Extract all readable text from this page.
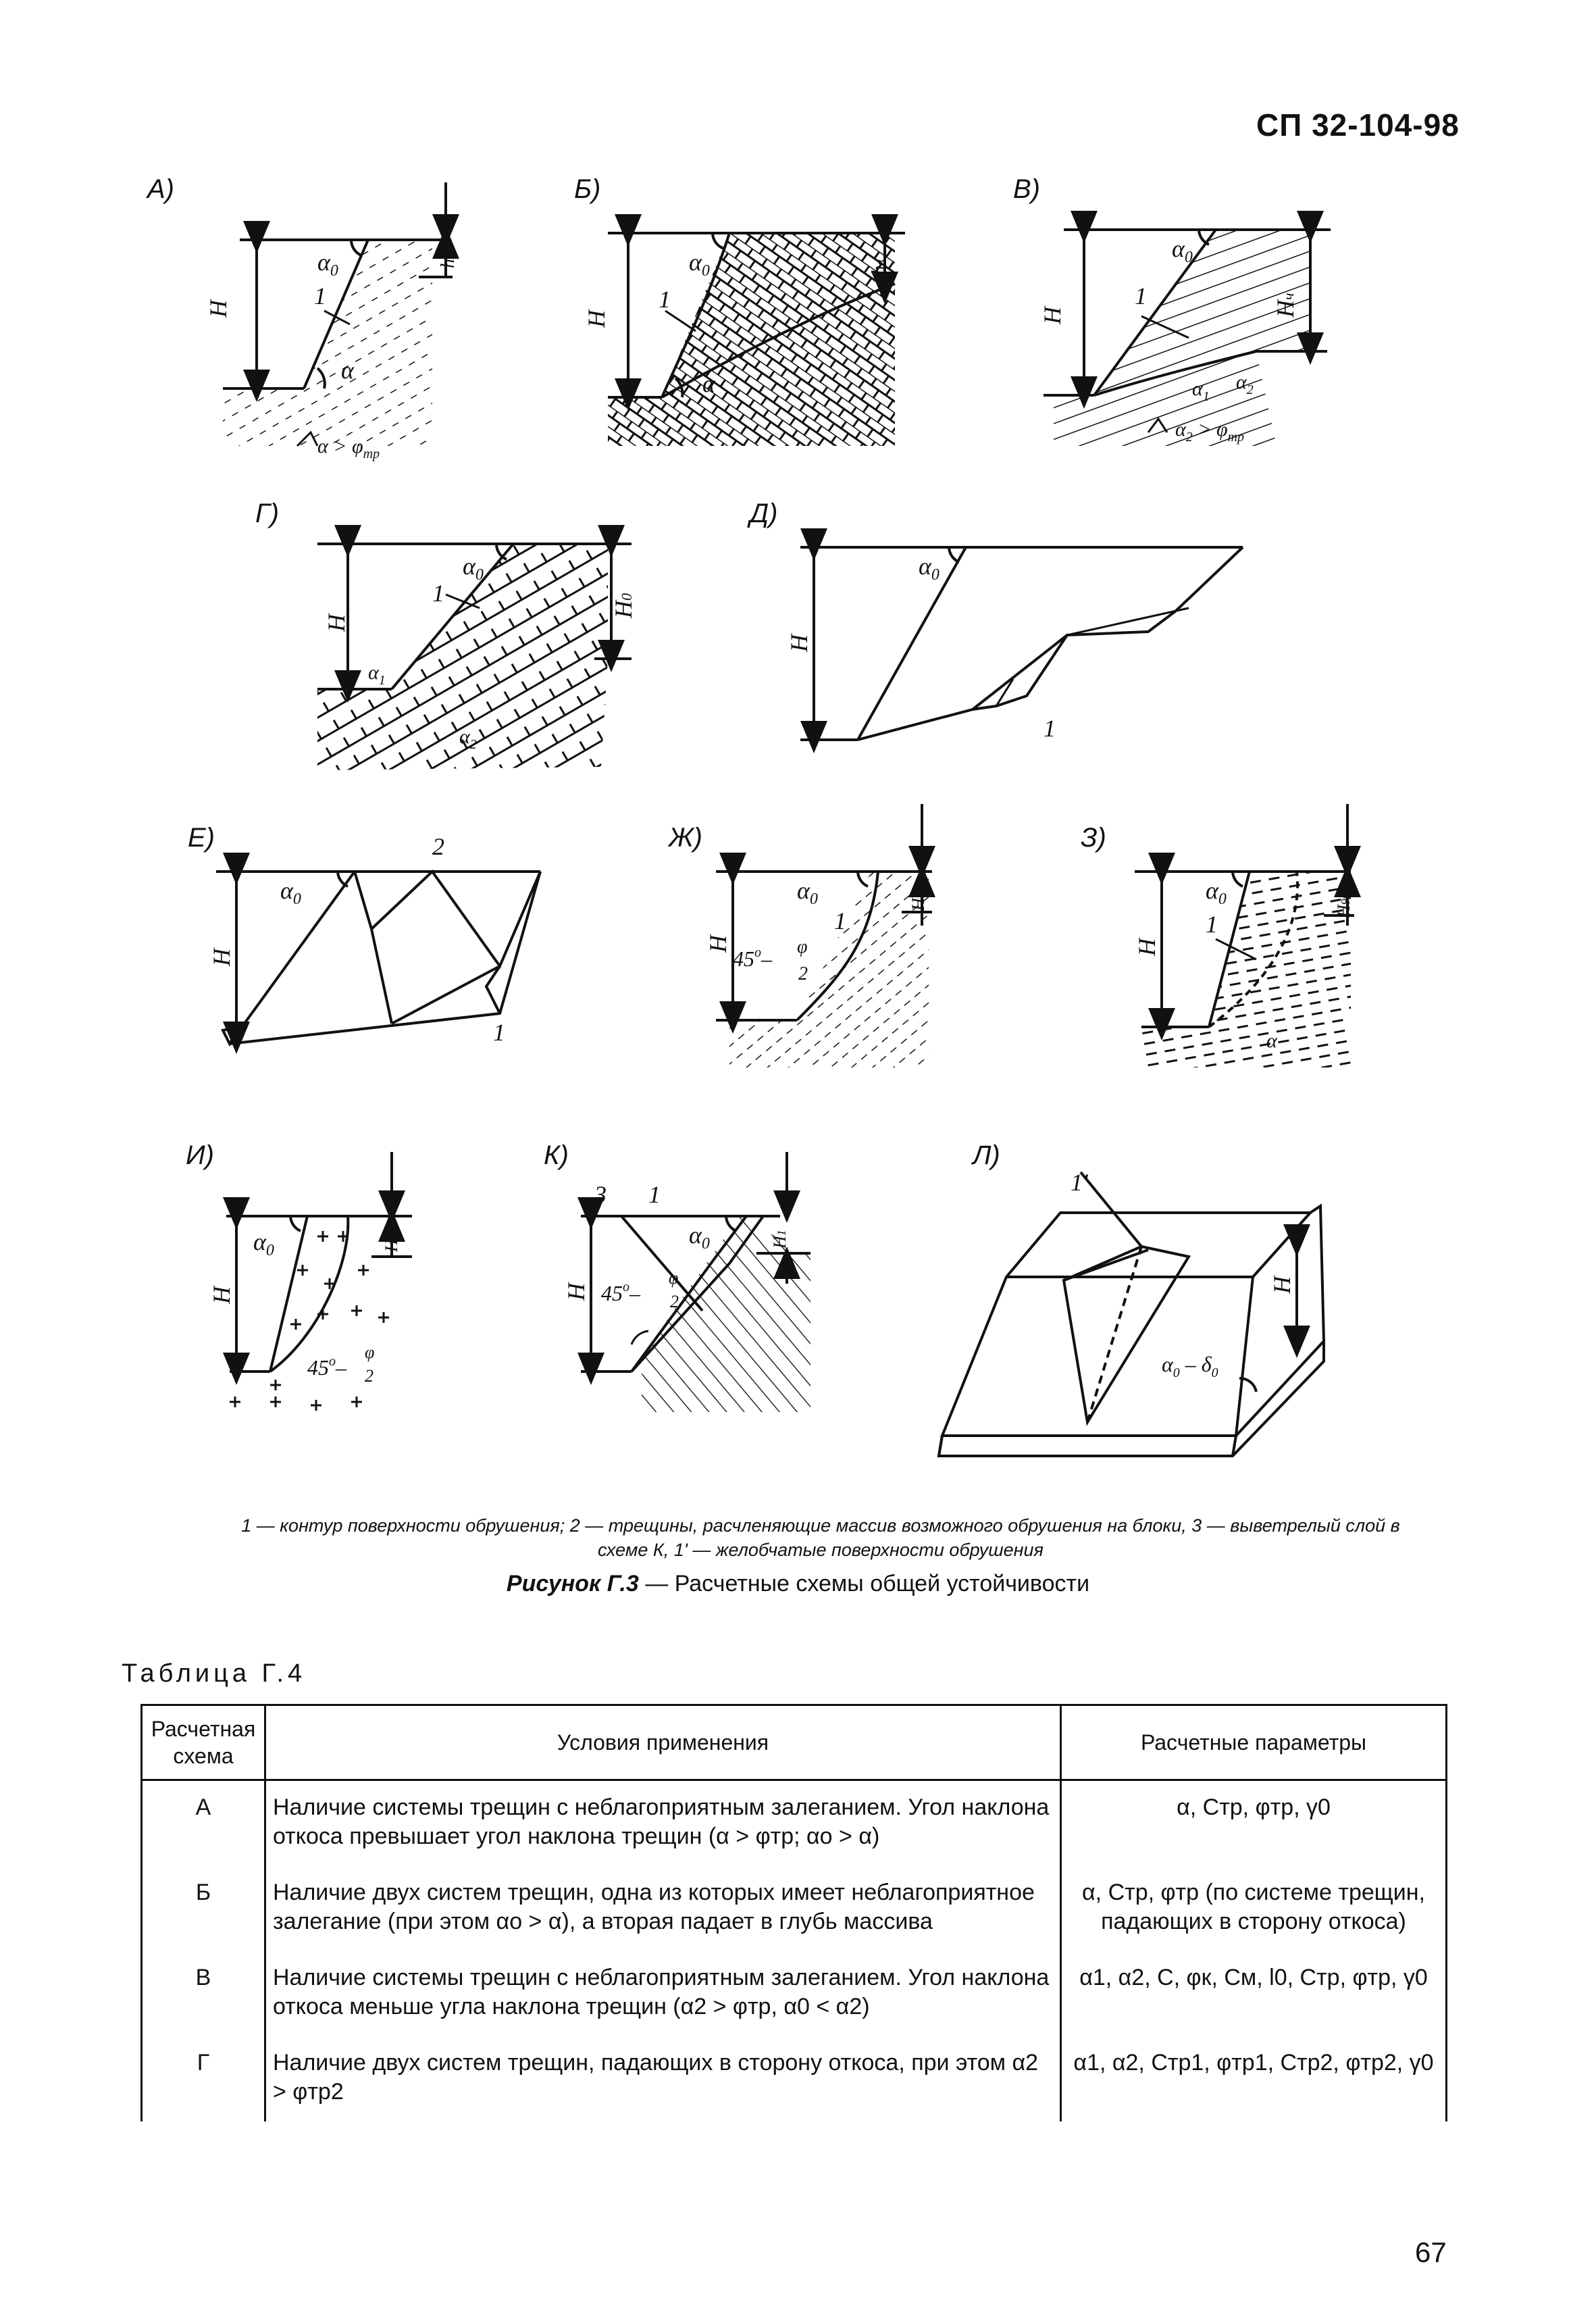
СП 32-104-98
H
$\alpha_0$
1
α
hв
$\alpha > \varphi_{тр}$
H
$\alpha_0$
1
α
hв
H
$\alpha_0$
1	Hч
$\alpha_1$
$\alpha_2$
$\alpha_2 > \varphi_{тр}$
H
$\alpha_0$
1
H0
$\alpha_1$
$\alpha_2$
H
$\alpha_0$
1
H
$\alpha_0$
2
1
H
$\alpha_0$
1
45$^o$– φ
2
H90
H
$\alpha_0$
1
α
H90
H
$\alpha_0$
45$^o$–
φ
2
H90
H
3 1
$\alpha_0$
45$^o$–
φ
2
H1
1'
H
$\alpha_0 - \delta_0$
А)	Б)	В)
Г)	Д)
Е)	Ж)	З)
И)	К)	Л)
1 — контур поверхности обрушения; 2 — трещины, расчленяющие массив возможного обрушения на блоки, 3 — выветрелый слой в
схеме К, 1' — желобчатые поверхности обрушения
Рисунок Г.3 — Расчетные схемы общей устойчивости
Таблица Г.4
Расчетная схема	Условия применения	Расчетные параметры
А	Наличие системы трещин с неблагоприятным залеганием. Угол наклона откоса превышает угол наклона трещин (α > φтр; αо > α)	α, Cтр, φтр, γ0
Б	Наличие двух систем трещин, одна из которых имеет неблагоприятное залегание (при этом αо > α), а вторая падает в глубь массива	α, Cтр, φтр (по системе трещин, падающих в сторону откоса)
В	Наличие системы трещин с неблагоприятным залеганием. Угол наклона откоса меньше угла наклона трещин (α2 > φтр, α0 < α2)	α1, α2, C, φк, Cм, l0, Cтр, φтр, γ0
Г	Наличие двух систем трещин, падающих в сторону откоса, при этом α2 > φтр2	α1, α2, Cтр1, φтр1, Cтр2, φтр2, γ0
67
